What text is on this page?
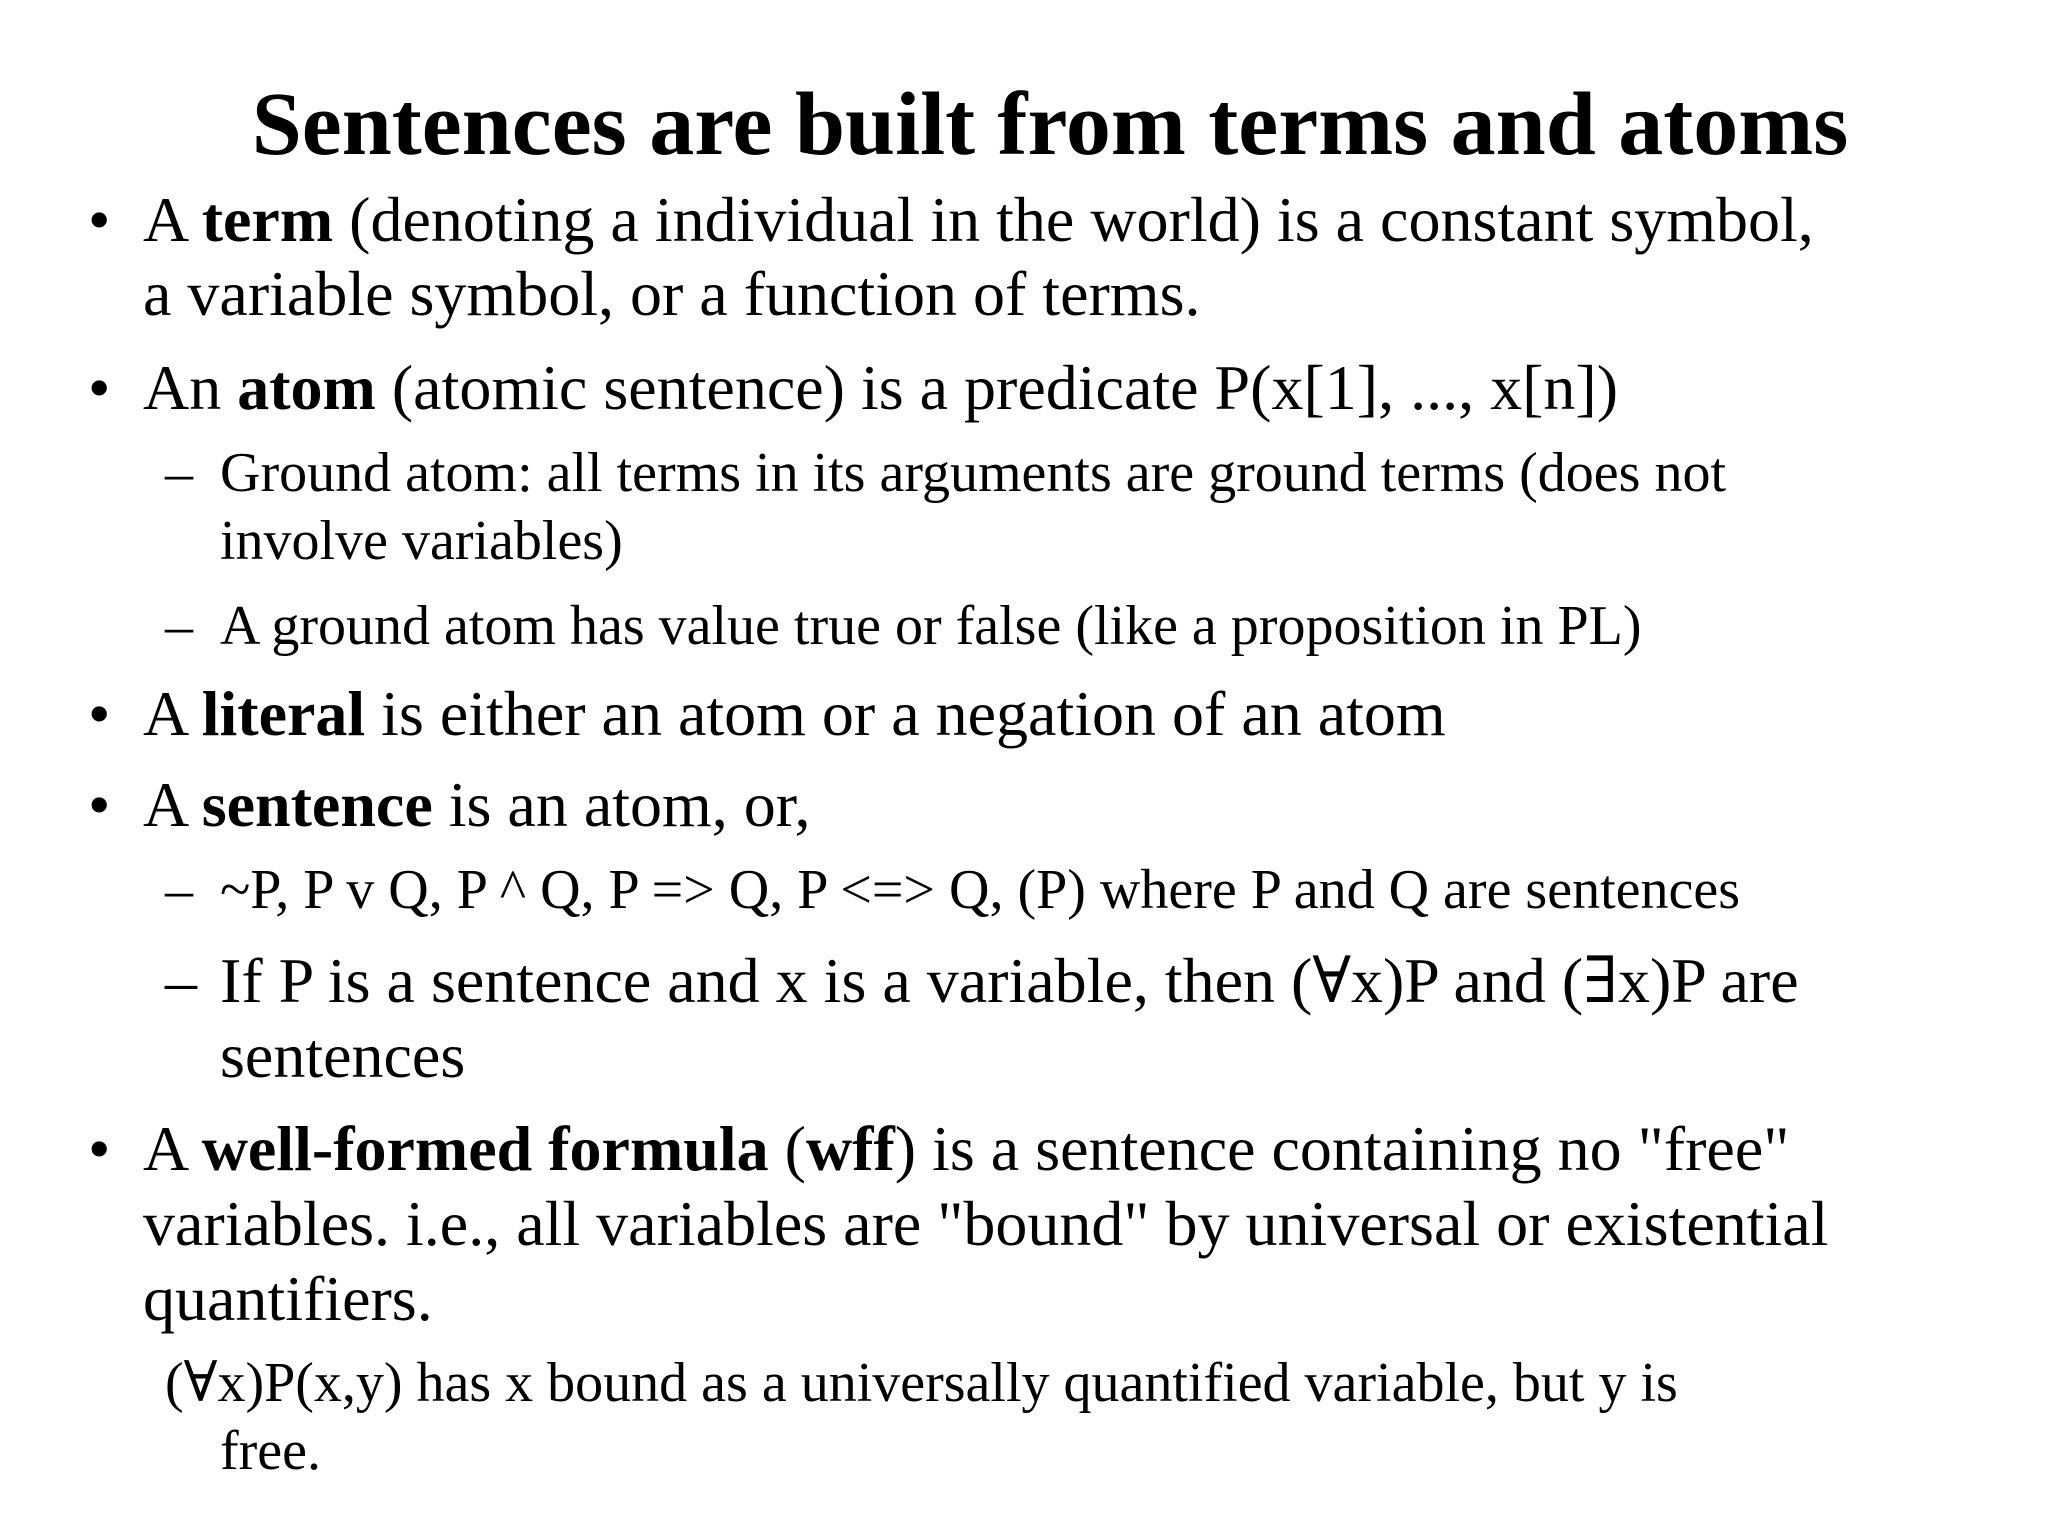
Sentences are built from terms and atoms
• A term (denoting a individual in the world) is a constant symbol,
a variable symbol, or a function of terms.
• An atom (atomic sentence) is a predicate P(x[1], ..., x[n])
– Ground atom: all terms in its arguments are ground terms (does not
involve variables)
– A ground atom has value true or false (like a proposition in PL)
• A literal is either an atom or a negation of an atom
• A sentence is an atom, or,
– ~P, P v Q, P ^ Q, P => Q, P <=> Q, (P) where P and Q are sentences
– If P is a sentence and x is a variable, then (∀x)P and (∃x)P are
sentences
• A well-formed formula (wff) is a sentence containing no "free"
variables. i.e., all variables are "bound" by universal or existential
quantifiers.
(∀x)P(x,y) has x bound as a universally quantified variable, but y is
free.
